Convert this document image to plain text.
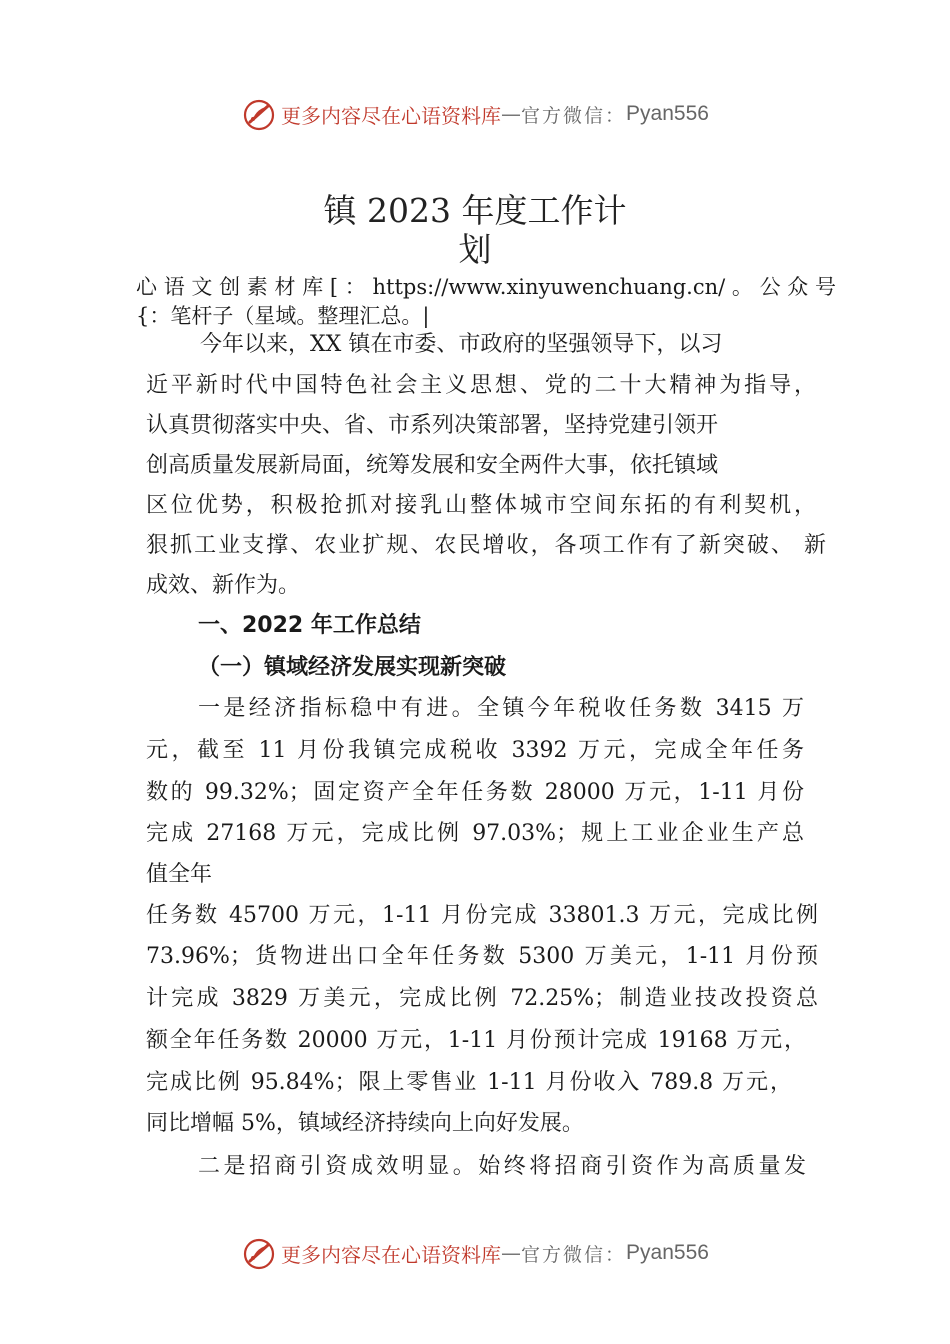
更多内容尽在心语资料库 — 官方微信： Pyan556
镇 2023 年度工作计
划
心语文创素材库[：https://www.xinyuwenchuang.cn/。公众号
{：笔杆子（星域。整理汇总。|
今年以来，XX 镇在市委、市政府的坚强领导下，以习
近平新时代中国特色社会主义思想、党的二十大精神为指导，
认真贯彻落实中央、省、市系列决策部署，坚持党建引领开
创高质量发展新局面，统筹发展和安全两件大事，依托镇域
区位优势，积极抢抓对接乳山整体城市空间东拓的有利契机，
狠抓工业支撑、农业扩规、农民增收，各项工作有了新突破、 新
成效、新作为。
一、2022 年工作总结
（一）镇域经济发展实现新突破
一是经济指标稳中有进。全镇今年税收任务数 3415 万
元，截至 11 月份我镇完成税收 3392 万元，完成全年任务
数的 99.32%；固定资产全年任务数 28000 万元，1-11 月份
完成 27168 万元，完成比例 97.03%；规上工业企业生产总
值全年
任务数 45700 万元，1-11 月份完成 33801.3 万元，完成比例
73.96%；货物进出口全年任务数 5300 万美元，1-11 月份预
计完成 3829 万美元，完成比例 72.25%；制造业技改投资总
额全年任务数 20000 万元，1-11 月份预计完成 19168 万元，
完成比例 95.84%；限上零售业 1-11 月份收入 789.8 万元，
同比增幅 5%，镇域经济持续向上向好发展。
二是招商引资成效明显。始终将招商引资作为高质量发
更多内容尽在心语资料库 — 官方微信： Pyan556
